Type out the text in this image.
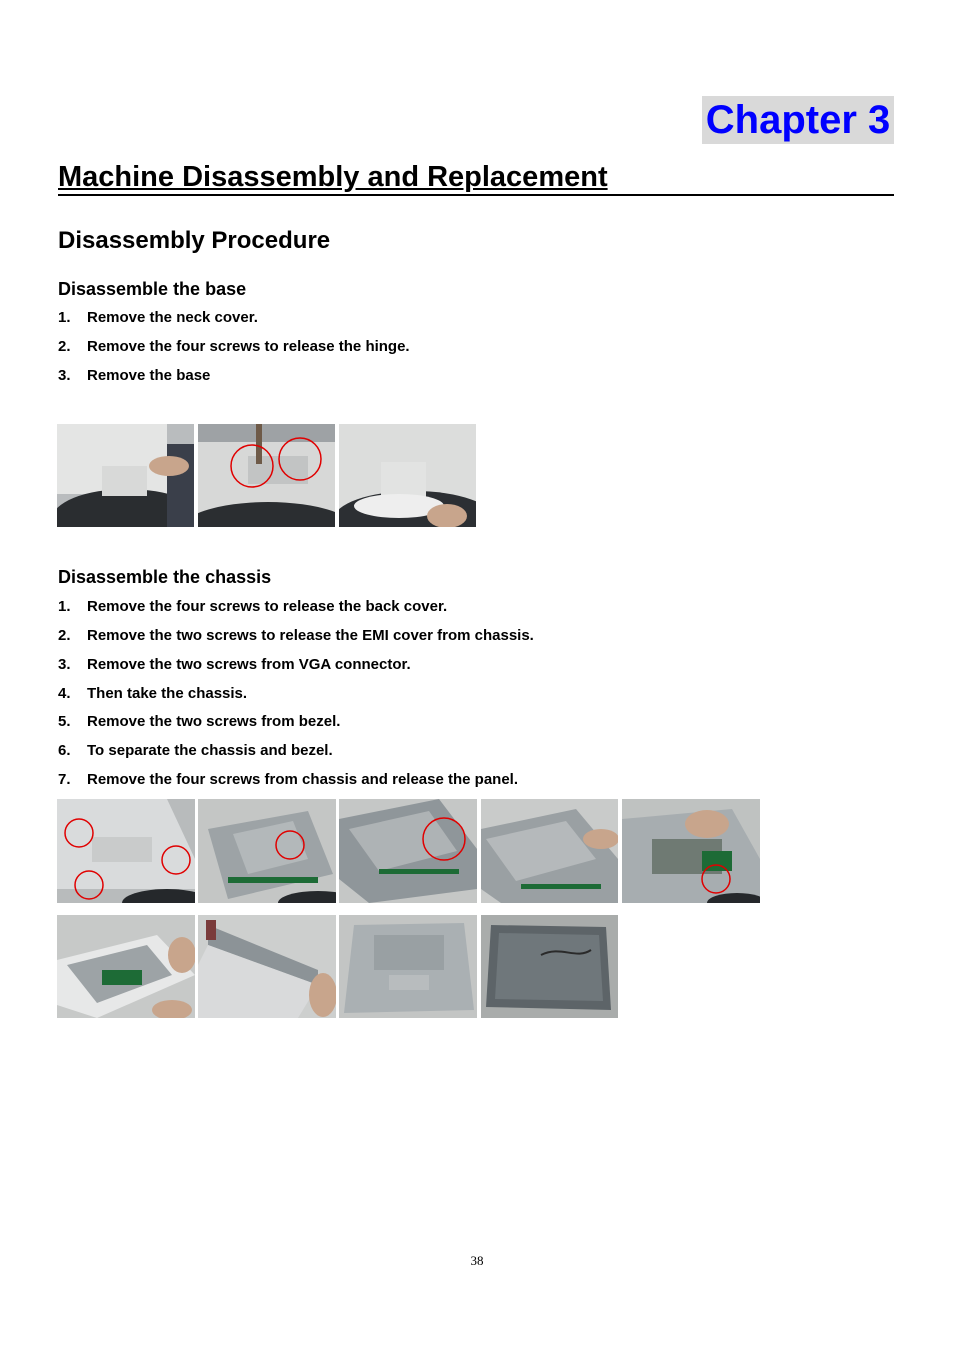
Chapter 3
Machine Disassembly and Replacement
Disassembly Procedure
Disassemble the base
1. Remove the neck cover.
2. Remove the four screws to release the hinge.
3. Remove the base
Disassemble the chassis
1. Remove the four screws to release the back cover.
2. Remove the two screws to release the EMI cover from chassis.
3. Remove the two screws from VGA connector.
4. Then take the chassis.
5. Remove the two screws from bezel.
6. To separate the chassis and bezel.
7. Remove the four screws from chassis and release the panel.
38
